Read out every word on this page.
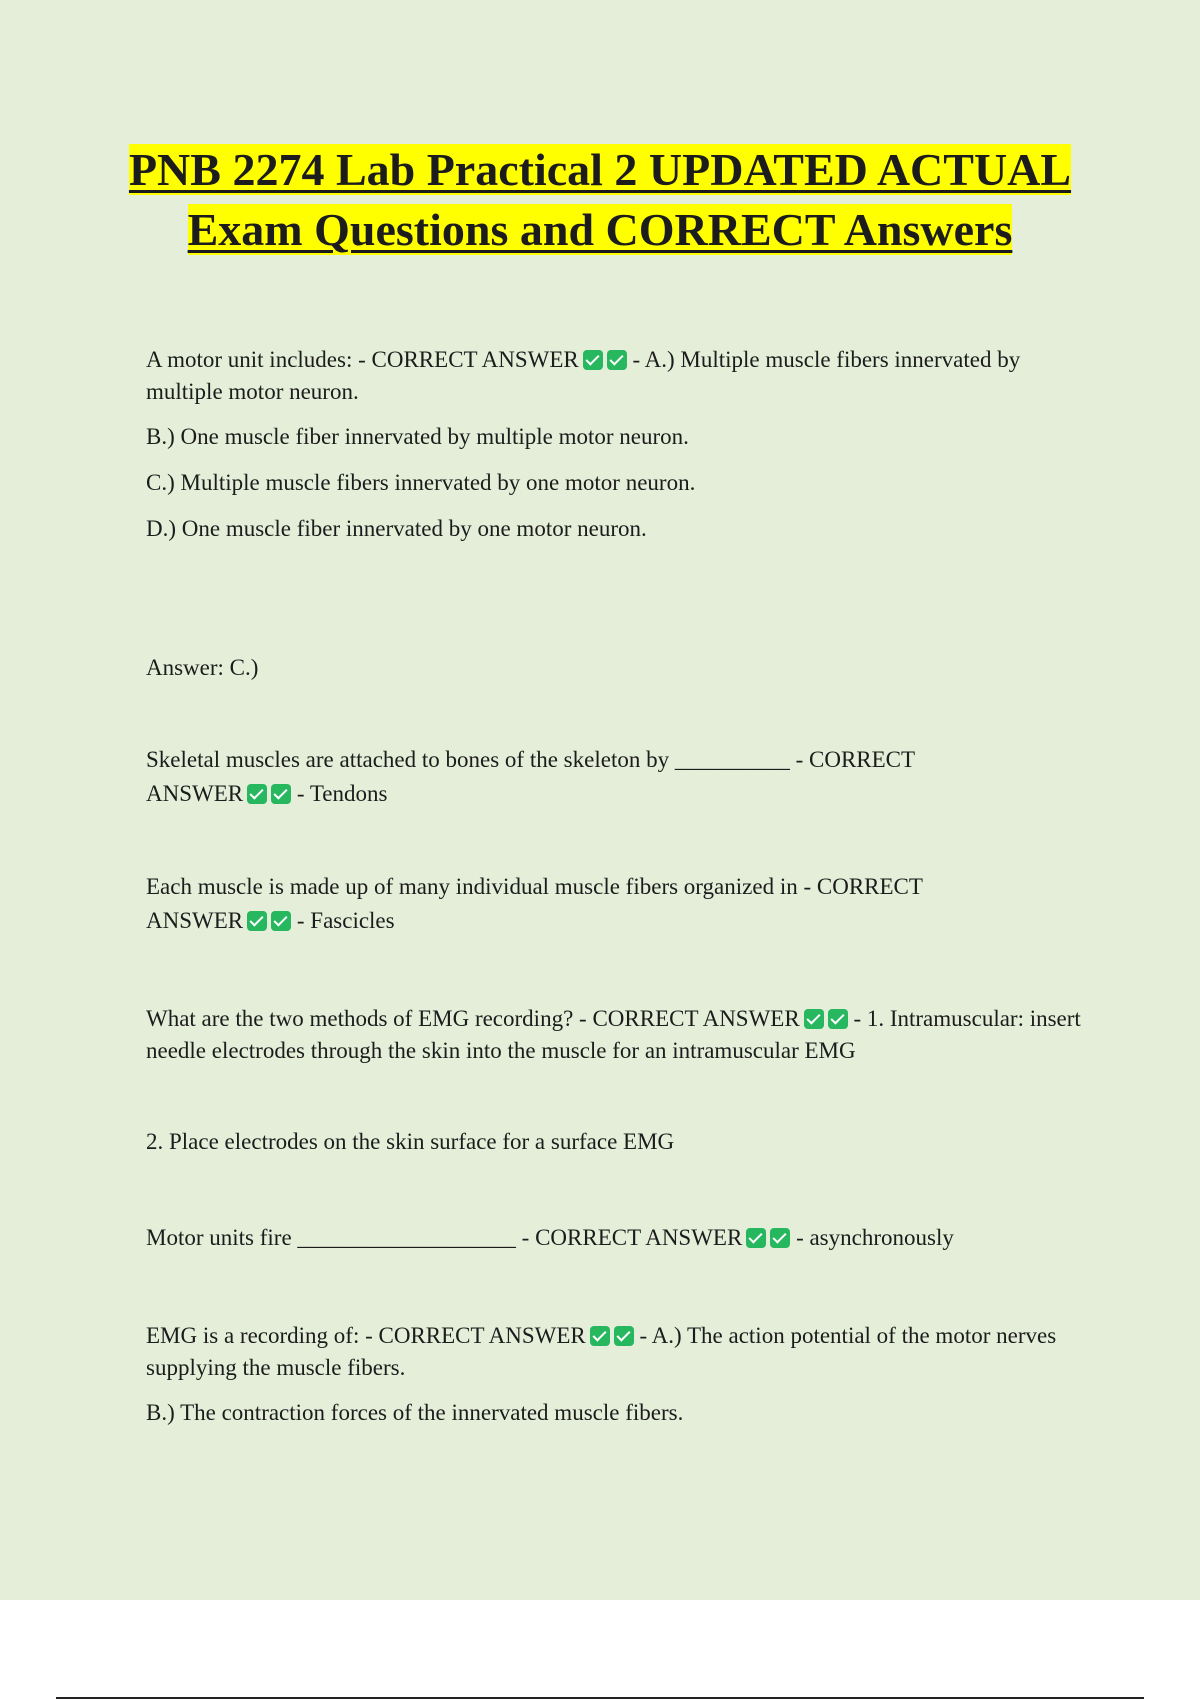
PNB 2274 Lab Practical 2 UPDATED ACTUAL Exam Questions and CORRECT Answers
A motor unit includes: - CORRECT ANSWER - A.) Multiple muscle fibers innervated by multiple motor neuron.
B.) One muscle fiber innervated by multiple motor neuron.
C.) Multiple muscle fibers innervated by one motor neuron.
D.) One muscle fiber innervated by one motor neuron.
Answer: C.)
Skeletal muscles are attached to bones of the skeleton by __________ - CORRECT
ANSWER - Tendons
Each muscle is made up of many individual muscle fibers organized in - CORRECT
ANSWER - Fascicles
What are the two methods of EMG recording? - CORRECT ANSWER - 1. Intramuscular: insert needle electrodes through the skin into the muscle for an intramuscular EMG
2. Place electrodes on the skin surface for a surface EMG
Motor units fire ___________________ - CORRECT ANSWER - asynchronously
EMG is a recording of: - CORRECT ANSWER - A.) The action potential of the motor nerves supplying the muscle fibers.
B.) The contraction forces of the innervated muscle fibers.
